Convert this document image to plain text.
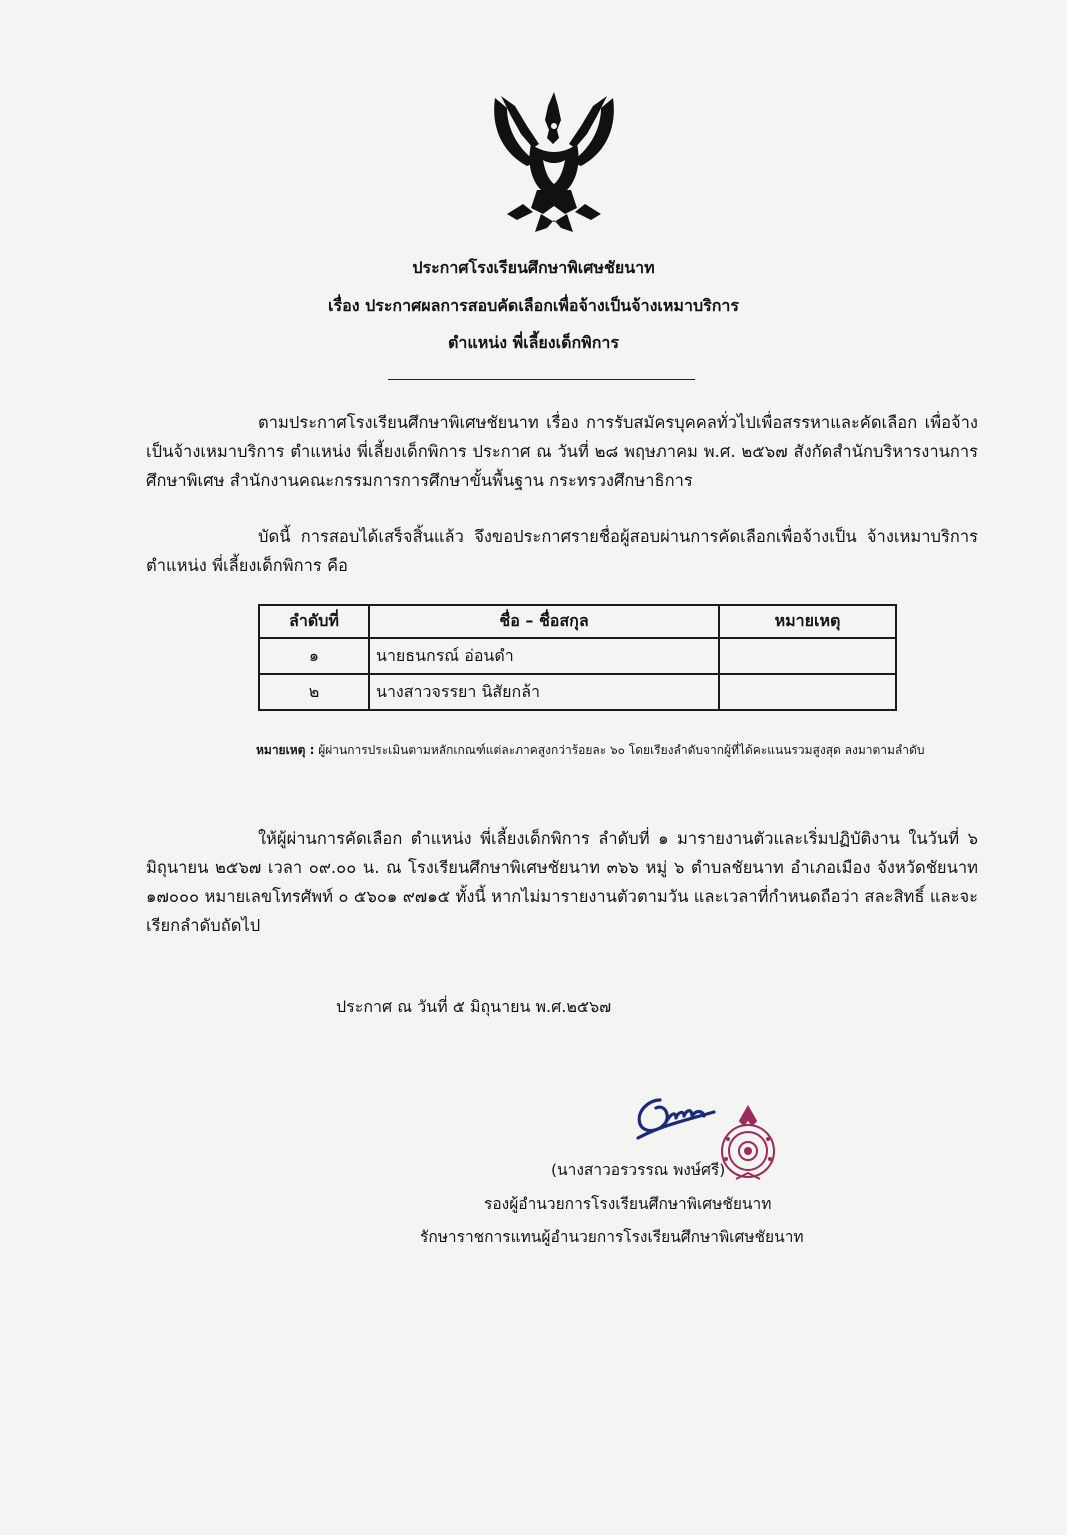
ประกาศโรงเรียนศึกษาพิเศษชัยนาท
เรื่อง ประกาศผลการสอบคัดเลือกเพื่อจ้างเป็นจ้างเหมาบริการ
ตำแหน่ง พี่เลี้ยงเด็กพิการ
ตามประกาศโรงเรียนศึกษาพิเศษชัยนาท เรื่อง การรับสมัครบุคคลทั่วไปเพื่อสรรหาและคัดเลือก เพื่อจ้างเป็นจ้างเหมาบริการ ตำแหน่ง พี่เลี้ยงเด็กพิการ ประกาศ ณ วันที่ ๒๘ พฤษภาคม พ.ศ. ๒๕๖๗ สังกัดสำนักบริหารงานการศึกษาพิเศษ สำนักงานคณะกรรมการการศึกษาขั้นพื้นฐาน กระทรวงศึกษาธิการ
บัดนี้ การสอบได้เสร็จสิ้นแล้ว จึงขอประกาศรายชื่อผู้สอบผ่านการคัดเลือกเพื่อจ้างเป็น จ้างเหมาบริการ ตำแหน่ง พี่เลี้ยงเด็กพิการ คือ
ลำดับที่	ชื่อ – ชื่อสกุล	หมายเหตุ
๑	นายธนกรณ์ อ่อนดำ	
๒	นางสาวจรรยา นิสัยกล้า	
หมายเหตุ : ผู้ผ่านการประเมินตามหลักเกณฑ์แต่ละภาคสูงกว่าร้อยละ ๖๐ โดยเรียงลำดับจากผู้ที่ได้คะแนนรวมสูงสุด ลงมาตามลำดับ
ให้ผู้ผ่านการคัดเลือก ตำแหน่ง พี่เลี้ยงเด็กพิการ ลำดับที่ ๑ มารายงานตัวและเริ่มปฏิบัติงาน ในวันที่ ๖ มิถุนายน ๒๕๖๗ เวลา ๐๙.๐๐ น. ณ โรงเรียนศึกษาพิเศษชัยนาท ๓๖๖ หมู่ ๖ ตำบลชัยนาท อำเภอเมือง จังหวัดชัยนาท ๑๗๐๐๐ หมายเลขโทรศัพท์ ๐ ๕๖๐๑ ๙๗๑๕ ทั้งนี้ หากไม่มารายงานตัวตามวัน และเวลาที่กำหนดถือว่า สละสิทธิ์ และจะเรียกลำดับถัดไป
ประกาศ ณ วันที่ ๕ มิถุนายน พ.ศ.๒๕๖๗
(นางสาวอรวรรณ พงษ์ศรี)
รองผู้อำนวยการโรงเรียนศึกษาพิเศษชัยนาท
รักษาราชการแทนผู้อำนวยการโรงเรียนศึกษาพิเศษชัยนาท
